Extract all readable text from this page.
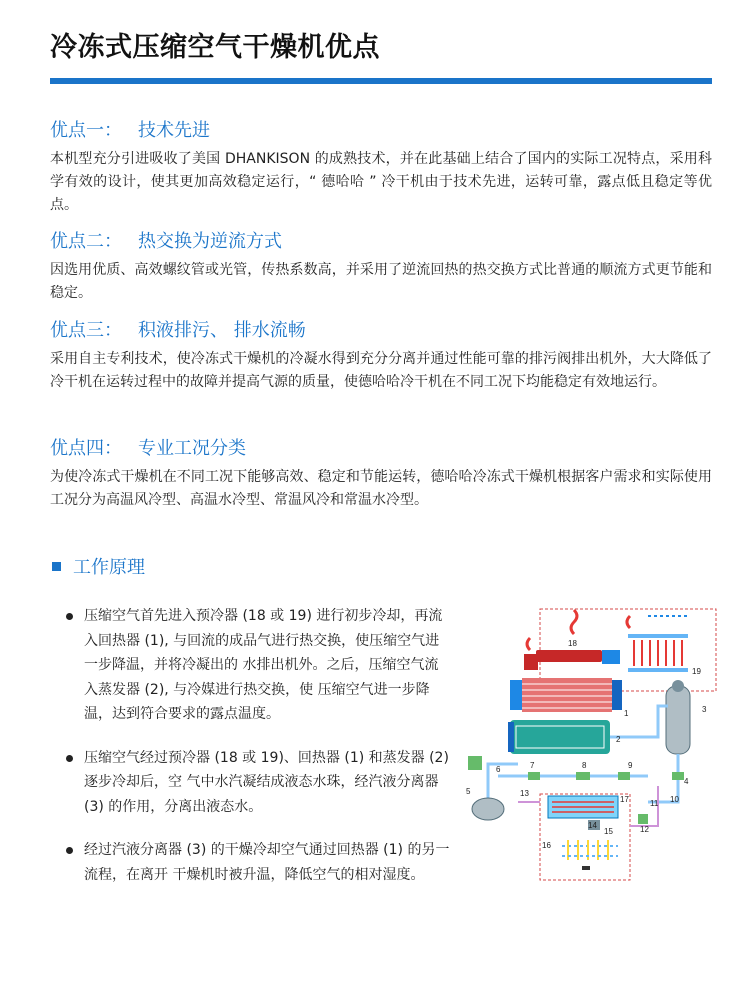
冷冻式压缩空气干燥机优点
优点一： 技术先进

本机型充分引进吸收了美国 DHANKISON 的成熟技术，并在此基础上结合了国内的实际工况特点，采用科学有效的设计，使其更加高效稳定运行，“ 德哈哈 ” 冷干机由于技术先进，运转可靠，露点低且稳定等优点。

优点二： 热交换为逆流方式

因选用优质、高效螺纹管或光管，传热系数高，并采用了逆流回热的热交换方式比普通的顺流方式更节能和稳定。

优点三： 积液排污、 排水流畅

采用自主专利技术，使冷冻式干燥机的冷凝水得到充分分离并通过性能可靠的排污阀排出机外，大大降低了冷干机在运转过程中的故障并提高气源的质量，使德哈哈冷干机在不同工况下均能稳定有效地运行。

优点四： 专业工况分类

为使冷冻式干燥机在不同工况下能够高效、稳定和节能运转，德哈哈冷冻式干燥机根据客户需求和实际使用工况分为高温风冷型、高温水冷型、常温风冷和常温水冷型。

工作原理
压缩空气首先进入预冷器 (18 或 19) 进行初步冷却，再流入回热器 (1), 与回流的成品气进行热交换，使压缩空气进一步降温，并将冷凝出的 水排出机外。之后，压缩空气流入蒸发器 (2), 与冷媒进行热交换，使 压缩空气进一步降温，达到符合要求的露点温度。
压缩空气经过预冷器 (18 或 19)、回热器 (1) 和蒸发器 (2) 逐步冷却后，空 气中水汽凝结成液态水珠，经汽液分离器 (3) 的作用，分离出液态水。
经过汽液分离器 (3) 的干燥冷却空气通过回热器 (1) 的另一流程，在离开 干燥机时被升温，降低空气的相对湿度。
18
19
1
2
3
4
5
6	7	8	9
10
11
12
13
14
15
16
17
